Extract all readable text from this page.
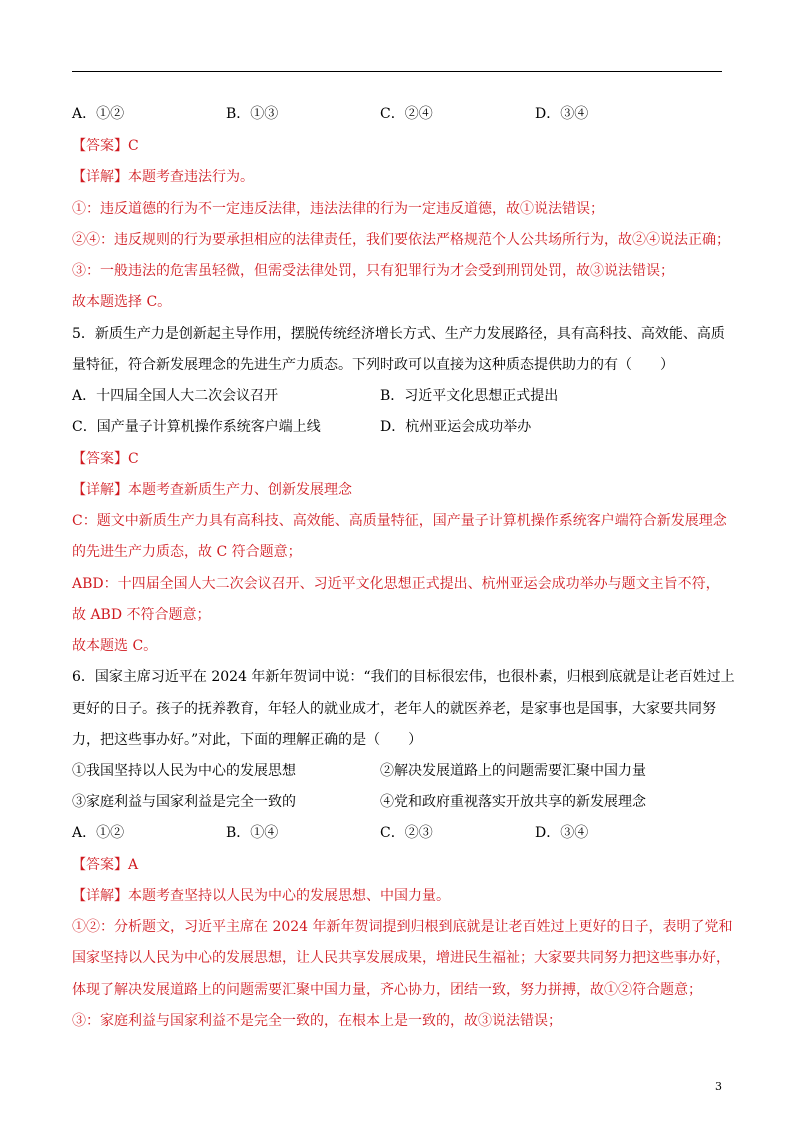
A．①②	B．①③	C．②④	D．③④
【答案】C
【详解】本题考查违法行为。
①：违反道德的行为不一定违反法律，违法法律的行为一定违反道德，故①说法错误；
②④：违反规则的行为要承担相应的法律责任，我们要依法严格规范个人公共场所行为，故②④说法正确；
③：一般违法的危害虽轻微，但需受法律处罚，只有犯罪行为才会受到刑罚处罚，故③说法错误；
故本题选择 C。
5．新质生产力是创新起主导作用，摆脱传统经济增长方式、生产力发展路径，具有高科技、高效能、高质
量特征，符合新发展理念的先进生产力质态。下列时政可以直接为这种质态提供助力的有（　　）
A．十四届全国人大二次会议召开	B．习近平文化思想正式提出
C．国产量子计算机操作系统客户端上线	D．杭州亚运会成功举办
【答案】C
【详解】本题考查新质生产力、创新发展理念
C：题文中新质生产力具有高科技、高效能、高质量特征，国产量子计算机操作系统客户端符合新发展理念
的先进生产力质态，故 C 符合题意；
ABD：十四届全国人大二次会议召开、习近平文化思想正式提出、杭州亚运会成功举办与题文主旨不符，
故 ABD 不符合题意；
故本题选 C。
6．国家主席习近平在 2024 年新年贺词中说：“我们的目标很宏伟，也很朴素，归根到底就是让老百姓过上
更好的日子。孩子的抚养教育，年轻人的就业成才，老年人的就医养老，是家事也是国事，大家要共同努
力，把这些事办好。”对此，下面的理解正确的是（　　）
①我国坚持以人民为中心的发展思想	②解决发展道路上的问题需要汇聚中国力量
③家庭利益与国家利益是完全一致的	④党和政府重视落实开放共享的新发展理念
A．①②	B．①④	C．②③	D．③④
【答案】A
【详解】本题考查坚持以人民为中心的发展思想、中国力量。
①②：分析题文，习近平主席在 2024 年新年贺词提到归根到底就是让老百姓过上更好的日子，表明了党和
国家坚持以人民为中心的发展思想，让人民共享发展成果，增进民生福祉；大家要共同努力把这些事办好，
体现了解决发展道路上的问题需要汇聚中国力量，齐心协力，团结一致，努力拼搏，故①②符合题意；
③：家庭利益与国家利益不是完全一致的，在根本上是一致的，故③说法错误；
3
